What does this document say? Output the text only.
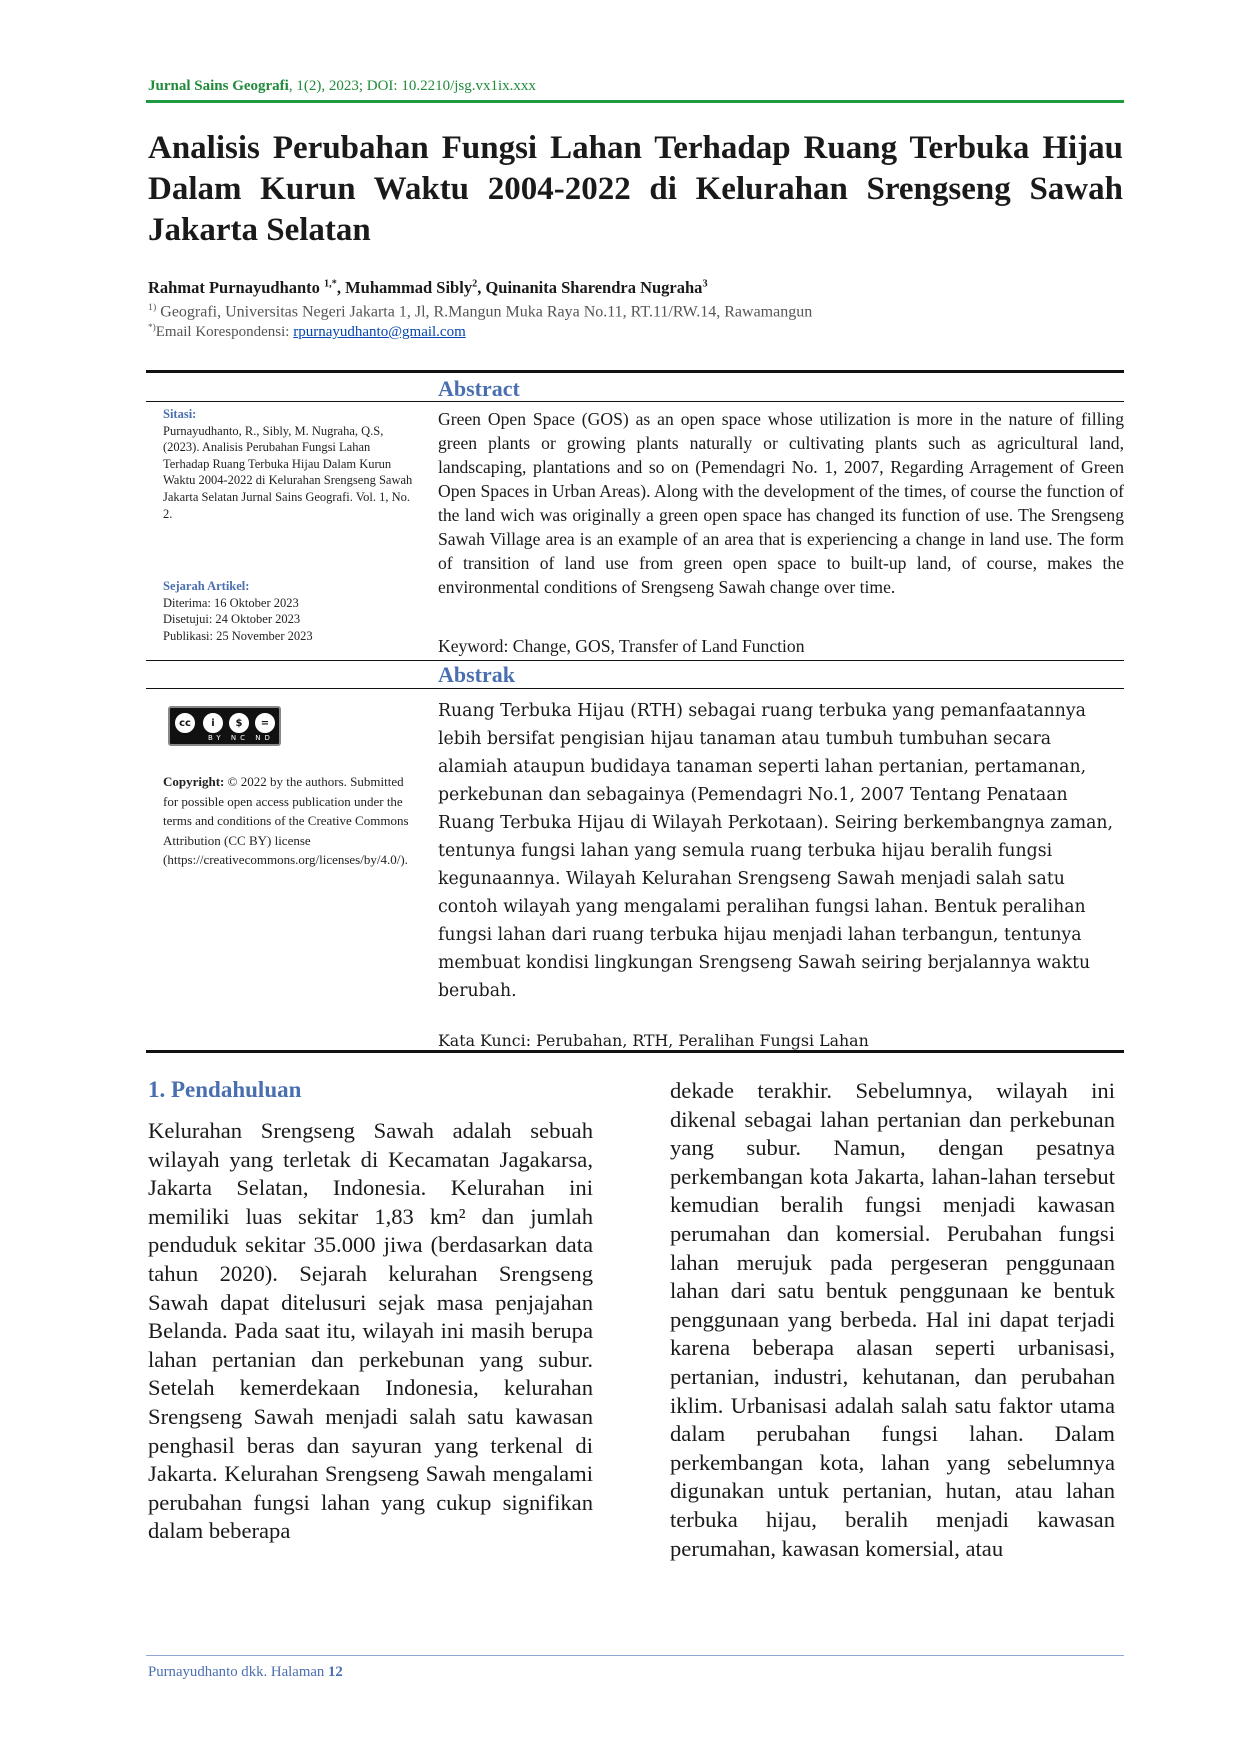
Jurnal Sains Geografi, 1(2), 2023; DOI: 10.2210/jsg.vx1ix.xxx
Analisis Perubahan Fungsi Lahan Terhadap Ruang Terbuka Hijau Dalam Kurun Waktu 2004-2022 di Kelurahan Srengseng Sawah Jakarta Selatan
Rahmat Purnayudhanto $^{1,*}$, Muhammad Sibly$^2$, Quinanita Sharendra Nugraha$^3$
$^{1)}$ Geografi, Universitas Negeri Jakarta 1, Jl, R.Mangun Muka Raya No.11, RT.11/RW.14, Rawamangun
*)Email Korespondensi: rpurnayudhanto@gmail.com
Abstract
Abstrak
Sitasi:
Purnayudhanto, R., Sibly, M. Nugraha, Q.S, (2023). Analisis Perubahan Fungsi Lahan Terhadap Ruang Terbuka Hijau Dalam Kurun Waktu 2004-2022 di Kelurahan Srengseng Sawah Jakarta Selatan Jurnal Sains Geografi. Vol. 1, No. 2.
Sejarah Artikel:
Diterima: 16 Oktober 2023
Disetujui: 24 Oktober 2023
Publikasi: 25 November 2023
cc	i	$	=
BY NC ND
Copyright: © 2022 by the authors. Submitted for possible open access publication under the terms and conditions of the Creative Commons Attribution (CC BY) license (https://creativecommons.org/licenses/by/4.0/).
Green Open Space (GOS) as an open space whose utilization is more in the nature of filling green plants or growing plants naturally or cultivating plants such as agricultural land, landscaping, plantations and so on (Pemendagri No. 1, 2007, Regarding Arragement of Green Open Spaces in Urban Areas). Along with the development of the times, of course the function of the land wich was originally a green open space has changed its function of use. The Srengseng Sawah Village area is an example of an area that is experiencing a change in land use. The form of transition of land use from green open space to built-up land, of course, makes the environmental conditions of Srengseng Sawah change over time.
Keyword: Change, GOS, Transfer of Land Function
Ruang Terbuka Hijau (RTH) sebagai ruang terbuka yang pemanfaatannya lebih bersifat pengisian hijau tanaman atau tumbuh tumbuhan secara alamiah ataupun budidaya tanaman seperti lahan pertanian, pertamanan, perkebunan dan sebagainya (Pemendagri No.1, 2007 Tentang Penataan Ruang Terbuka Hijau di Wilayah Perkotaan). Seiring berkembangnya zaman, tentunya fungsi lahan yang semula ruang terbuka hijau beralih fungsi kegunaannya. Wilayah Kelurahan Srengseng Sawah menjadi salah satu contoh wilayah yang mengalami peralihan fungsi lahan. Bentuk peralihan fungsi lahan dari ruang terbuka hijau menjadi lahan terbangun, tentunya membuat kondisi lingkungan Srengseng Sawah seiring berjalannya waktu berubah.
Kata Kunci: Perubahan, RTH, Peralihan Fungsi Lahan
1. Pendahuluan
Kelurahan Srengseng Sawah adalah sebuah wilayah yang terletak di Kecamatan Jagakarsa, Jakarta Selatan, Indonesia. Kelurahan ini memiliki luas sekitar 1,83 km² dan jumlah penduduk sekitar 35.000 jiwa (berdasarkan data tahun 2020). Sejarah kelurahan Srengseng Sawah dapat ditelusuri sejak masa penjajahan Belanda. Pada saat itu, wilayah ini masih berupa lahan pertanian dan perkebunan yang subur. Setelah kemerdekaan Indonesia, kelurahan Srengseng Sawah menjadi salah satu kawasan penghasil beras dan sayuran yang terkenal di Jakarta. Kelurahan Srengseng Sawah mengalami perubahan fungsi lahan yang cukup signifikan dalam beberapa
dekade terakhir. Sebelumnya, wilayah ini dikenal sebagai lahan pertanian dan perkebunan yang subur. Namun, dengan pesatnya perkembangan kota Jakarta, lahan-lahan tersebut kemudian beralih fungsi menjadi kawasan perumahan dan komersial. Perubahan fungsi lahan merujuk pada pergeseran penggunaan lahan dari satu bentuk penggunaan ke bentuk penggunaan yang berbeda. Hal ini dapat terjadi karena beberapa alasan seperti urbanisasi, pertanian, industri, kehutanan, dan perubahan iklim. Urbanisasi adalah salah satu faktor utama dalam perubahan fungsi lahan. Dalam perkembangan kota, lahan yang sebelumnya digunakan untuk pertanian, hutan, atau lahan terbuka hijau, beralih menjadi kawasan perumahan, kawasan komersial, atau
Purnayudhanto dkk. Halaman 12
